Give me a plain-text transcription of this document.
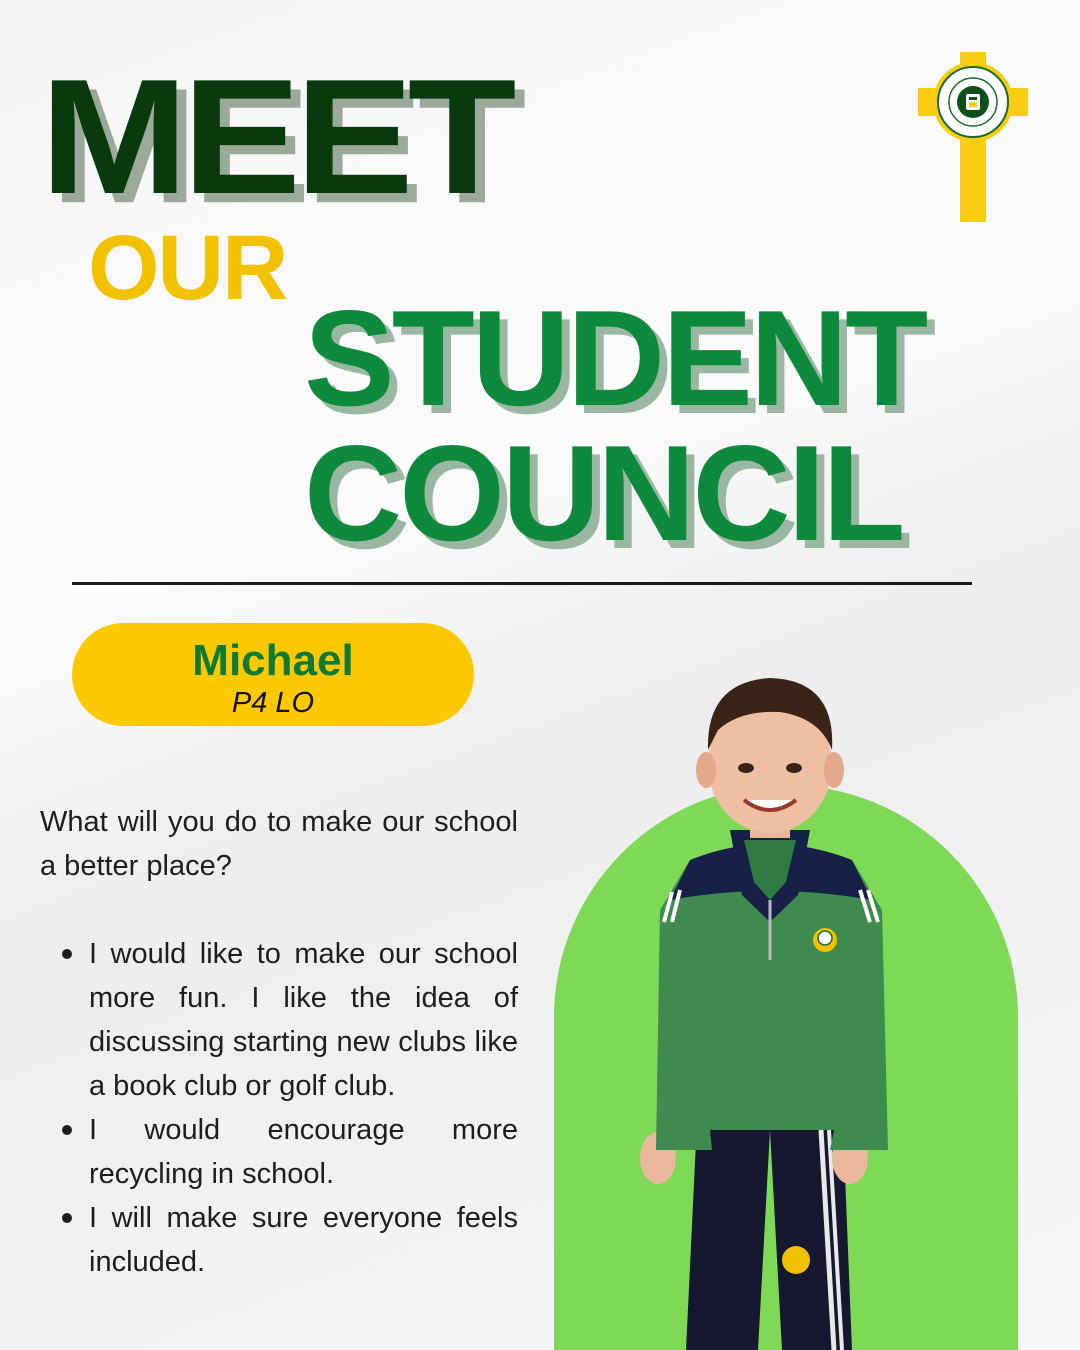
MEET
OUR
STUDENT
COUNCIL
Michael
P4 LO

What will you do to make our school a better place?

I would like to make our school more fun. I like the idea of discussing starting new clubs like a book club or golf club.
I would encourage more recycling in school.
I will make sure everyone feels included.
